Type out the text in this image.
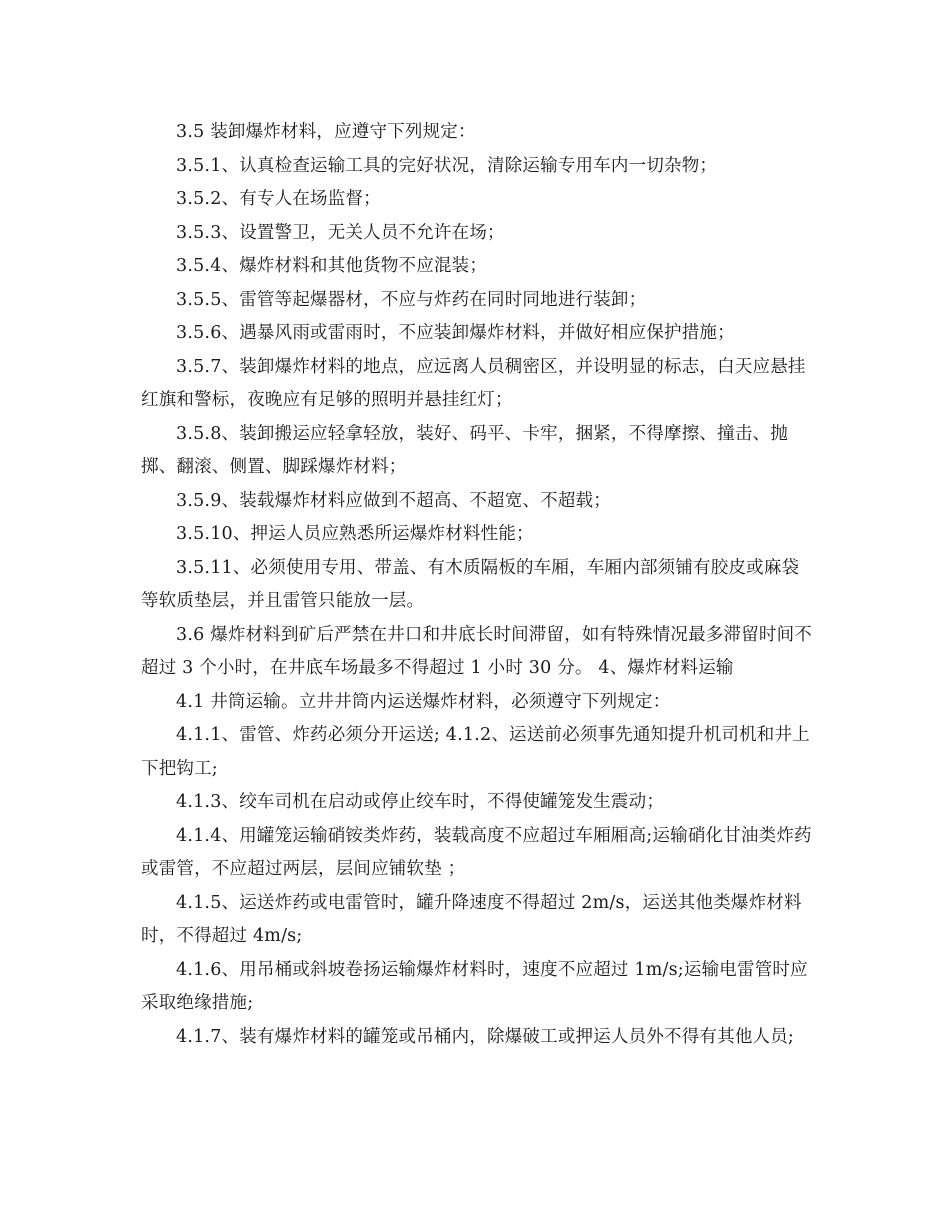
3.5 装卸爆炸材料，应遵守下列规定：

3.5.1、认真检查运输工具的完好状况，清除运输专用车内一切杂物；

3.5.2、有专人在场监督；

3.5.3、设置警卫，无关人员不允许在场；

3.5.4、爆炸材料和其他货物不应混装；

3.5.5、雷管等起爆器材，不应与炸药在同时同地进行装卸；

3.5.6、遇暴风雨或雷雨时，不应装卸爆炸材料，并做好相应保护措施；

3.5.7、装卸爆炸材料的地点，应远离人员稠密区，并设明显的标志，白天应悬挂红旗和警标，夜晚应有足够的照明并悬挂红灯；

3.5.8、装卸搬运应轻拿轻放，装好、码平、卡牢，捆紧，不得摩擦、撞击、抛掷、翻滚、侧置、脚踩爆炸材料；

3.5.9、装载爆炸材料应做到不超高、不超宽、不超载；

3.5.10、押运人员应熟悉所运爆炸材料性能；

3.5.11、必须使用专用、带盖、有木质隔板的车厢，车厢内部须铺有胶皮或麻袋等软质垫层，并且雷管只能放一层。

3.6 爆炸材料到矿后严禁在井口和井底长时间滞留，如有特殊情况最多滞留时间不超过 3 个小时，在井底车场最多不得超过 1 小时 30 分。 4、爆炸材料运输

4.1 井筒运输。立井井筒内运送爆炸材料，必须遵守下列规定：

4.1.1、雷管、炸药必须分开运送; 4.1.2、运送前必须事先通知提升机司机和井上下把钩工;

4.1.3、绞车司机在启动或停止绞车时，不得使罐笼发生震动；

4.1.4、用罐笼运输硝铵类炸药，装载高度不应超过车厢厢高;运输硝化甘油类炸药或雷管，不应超过两层，层间应铺软垫 ；

4.1.5、运送炸药或电雷管时，罐升降速度不得超过 2m/s，运送其他类爆炸材料时，不得超过 4m/s;

4.1.6、用吊桶或斜坡卷扬运输爆炸材料时，速度不应超过 1m/s;运输电雷管时应采取绝缘措施;

4.1.7、装有爆炸材料的罐笼或吊桶内，除爆破工或押运人员外不得有其他人员;
